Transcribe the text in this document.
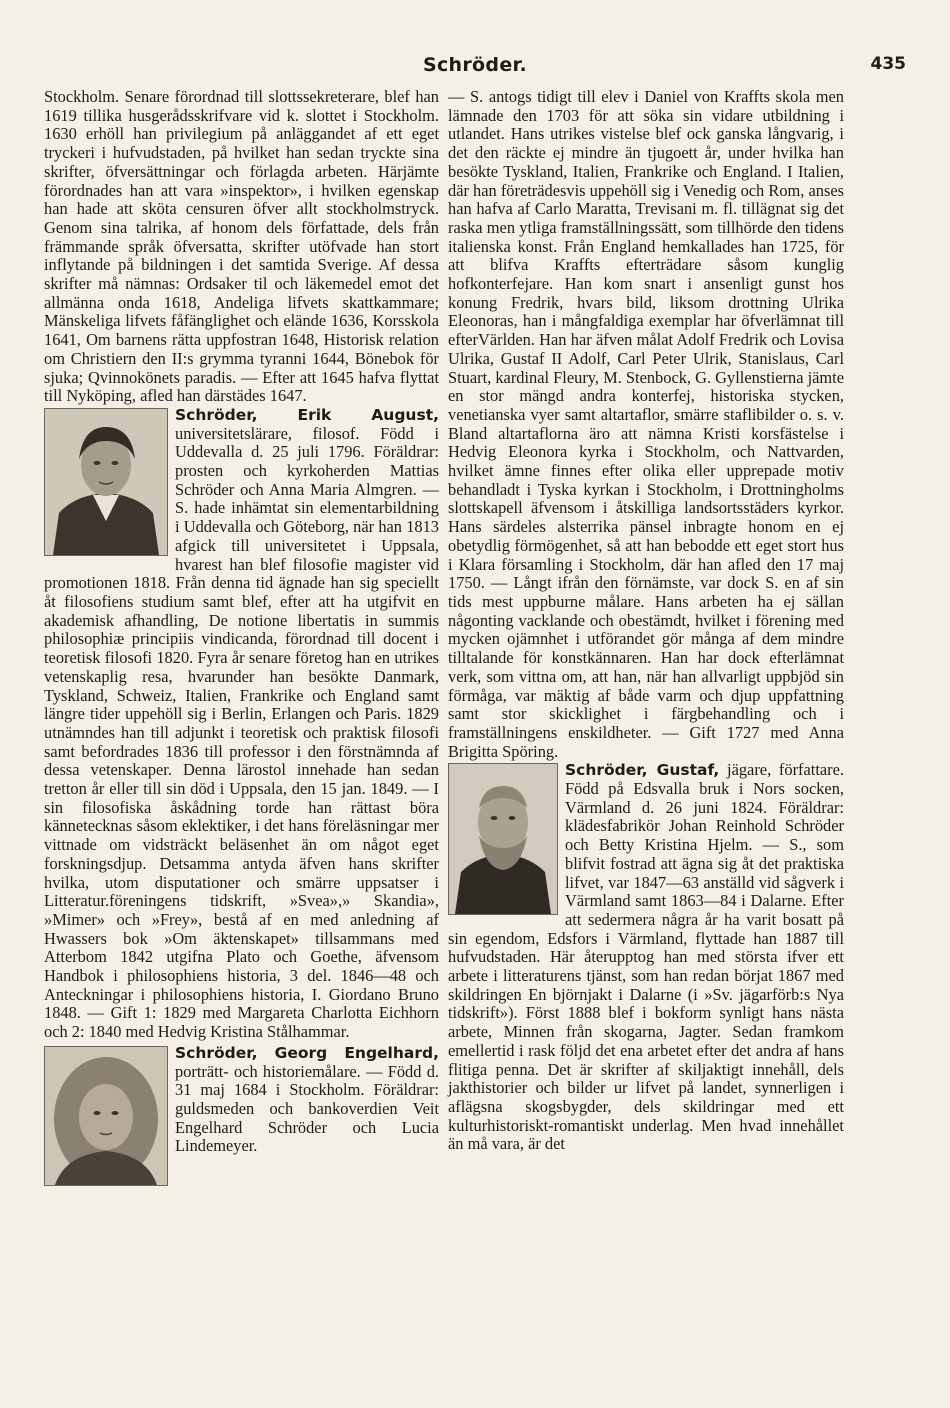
Schröder.	435

Stockholm. Senare förordnad till slottssekreterare, blef han 1619 tillika husgerådsskrifvare vid k. slottet i Stockholm. 1630 erhöll han privilegium på anläggandet af ett eget tryckeri i hufvudstaden, på hvilket han sedan tryckte sina skrifter, öfversättningar och förlagda arbeten. Härjämte förordnades han att vara »inspektor», i hvilken egenskap han hade att sköta censuren öfver allt stockholmstryck. Genom sina talrika, af honom dels författade, dels från främmande språk öfversatta, skrifter utöfvade han stort inflytande på bildningen i det samtida Sverige. Af dessa skrifter må nämnas: Ordsaker til och läkemedel emot det allmänna onda 1618, Andeliga lifvets skattkammare; Mänskeliga lifvets fåfänglighet och elände 1636, Korsskola 1641, Om barnens rätta uppfostran 1648, Historisk relation om Christiern den II:s grymma tyranni 1644, Bönebok för sjuka; Qvinnokönets paradis. — Efter att 1645 hafva flyttat till Nyköping, afled han därstädes 1647.

Schröder, Erik August,
universitetslärare, filosof. Född i Uddevalla d. 25 juli 1796. Föräldrar: prosten och kyrkoherden Mattias Schröder och Anna Maria Almgren. — S. hade inhämtat sin elementarbildning i Uddevalla och Göteborg, när han 1813 afgick till universitetet i Uppsala, hvarest han blef filosofie magister vid promotionen 1818. Från denna tid ägnade han sig speciellt åt filosofiens studium samt blef, efter att ha utgifvit en akademisk afhandling, De notione libertatis in summis philosophiæ principiis vindicanda, förordnad till docent i teoretisk filosofi 1820. Fyra år senare företog han en utrikes vetenskaplig resa, hvarunder han besökte Danmark, Tyskland, Schweiz, Italien, Frankrike och England samt längre tider uppehöll sig i Berlin, Erlangen och Paris. 1829 utnämndes han till adjunkt i teoretisk och praktisk filosofi samt befordrades 1836 till professor i den förstnämnda af dessa vetenskaper. Denna lärostol innehade han sedan tretton år eller till sin död i Uppsala, den 15 jan. 1849. — I sin filosofiska åskådning torde han rättast böra kännetecknas såsom eklektiker, i det hans föreläsningar mer vittnade om vidsträckt beläsenhet än om något eget forskningsdjup. Detsamma antyda äfven hans skrifter hvilka, utom disputationer och smärre uppsatser i Litteratur.föreningens tidskrift, »Svea»,» Skandia», »Mimer» och »Frey», bestå af en med anledning af Hwassers bok »Om äktenskapet» tillsammans med Atterbom 1842 utgifna Plato och Goethe, äfvensom Handbok i philosophiens historia, 3 del. 1846—48 och Anteckningar i philosophiens historia, I. Giordano Bruno 1848. — Gift 1: 1829 med Margareta Charlotta Eichhorn och 2: 1840 med Hedvig Kristina Stålhammar.

Schröder, Georg Engelhard, porträtt- och historiemålare. — Född d. 31 maj 1684 i Stockholm. Föräldrar: guldsmeden och bankoverdien Veit Engelhard Schröder och Lucia Lindemeyer.

— S. antogs tidigt till elev i Daniel von Kraffts skola men lämnade den 1703 för att söka sin vidare utbildning i utlandet. Hans utrikes vistelse blef ock ganska långvarig, i det den räckte ej mindre än tjugoett år, under hvilka han besökte Tyskland, Italien, Frankrike och England. I Italien, där han företrädesvis uppehöll sig i Venedig och Rom, anses han hafva af Carlo Maratta, Trevisani m. fl. tillägnat sig det raska men ytliga framställningssätt, som tillhörde den tidens italienska konst. Från England hemkallades han 1725, för att blifva Kraffts efterträdare såsom kunglig hofkonterfejare. Han kom snart i ansenligt gunst hos konung Fredrik, hvars bild, liksom drottning Ulrika Eleonoras, han i mångfaldiga exemplar har öfverlämnat till efterVärlden. Han har äfven målat Adolf Fredrik och Lovisa Ulrika, Gustaf II Adolf, Carl Peter Ulrik, Stanislaus, Carl Stuart, kardinal Fleury, M. Stenbock, G. Gyllenstierna jämte en stor mängd andra konterfej, historiska stycken, venetianska vyer samt altartaflor, smärre staflibilder o. s. v. Bland altartaflorna äro att nämna Kristi korsfästelse i Hedvig Eleonora kyrka i Stockholm, och Nattvarden, hvilket ämne finnes efter olika eller upprepade motiv behandladt i Tyska kyrkan i Stockholm, i Drottningholms slottskapell äfvensom i åtskilliga landsortsstäders kyrkor. Hans särdeles alsterrika pänsel inbragte honom en ej obetydlig förmögenhet, så att han bebodde ett eget stort hus i Klara församling i Stockholm, där han afled den 17 maj 1750. — Långt ifrån den förnämste, var dock S. en af sin tids mest uppburne målare. Hans arbeten ha ej sällan någonting vacklande och obestämdt, hvilket i förening med mycken ojämnhet i utförandet gör många af dem mindre tilltalande för konstkännaren. Han har dock efterlämnat verk, som vittna om, att han, när han allvarligt uppbjöd sin förmåga, var mäktig af både varm och djup uppfattning samt stor skicklighet i färgbehandling och i framställningens enskildheter. — Gift 1727 med Anna Brigitta Spöring.

Schröder, Gustaf,
jägare, författare. Född på Edsvalla bruk i Nors socken, Värmland d. 26 juni 1824. Föräldrar: klädesfabrikör Johan Reinhold Schröder och Betty Kristina Hjelm. — S., som blifvit fostrad att ägna sig åt det praktiska lifvet, var 1847—63 anställd vid sågverk i Värmland samt 1863—84 i Dalarne. Efter att sedermera några år ha varit bosatt på sin egendom, Edsfors i Värmland, flyttade han 1887 till hufvudstaden. Här återupptog han med största ifver ett arbete i litteraturens tjänst, som han redan börjat 1867 med skildringen En björnjakt i Dalarne (i »Sv. jägarförb:s Nya tidskrift»). Först 1888 blef i bokform synligt hans nästa arbete, Minnen från skogarna, Jagter. Sedan framkom emellertid i rask följd det ena arbetet efter det andra af hans flitiga penna. Det är skrifter af skiljaktigt innehåll, dels jakthistorier och bilder ur lifvet på landet, synnerligen i aflägsna skogsbygder, dels skildringar med ett kulturhistoriskt-romantiskt underlag. Men hvad innehållet än må vara, är det
